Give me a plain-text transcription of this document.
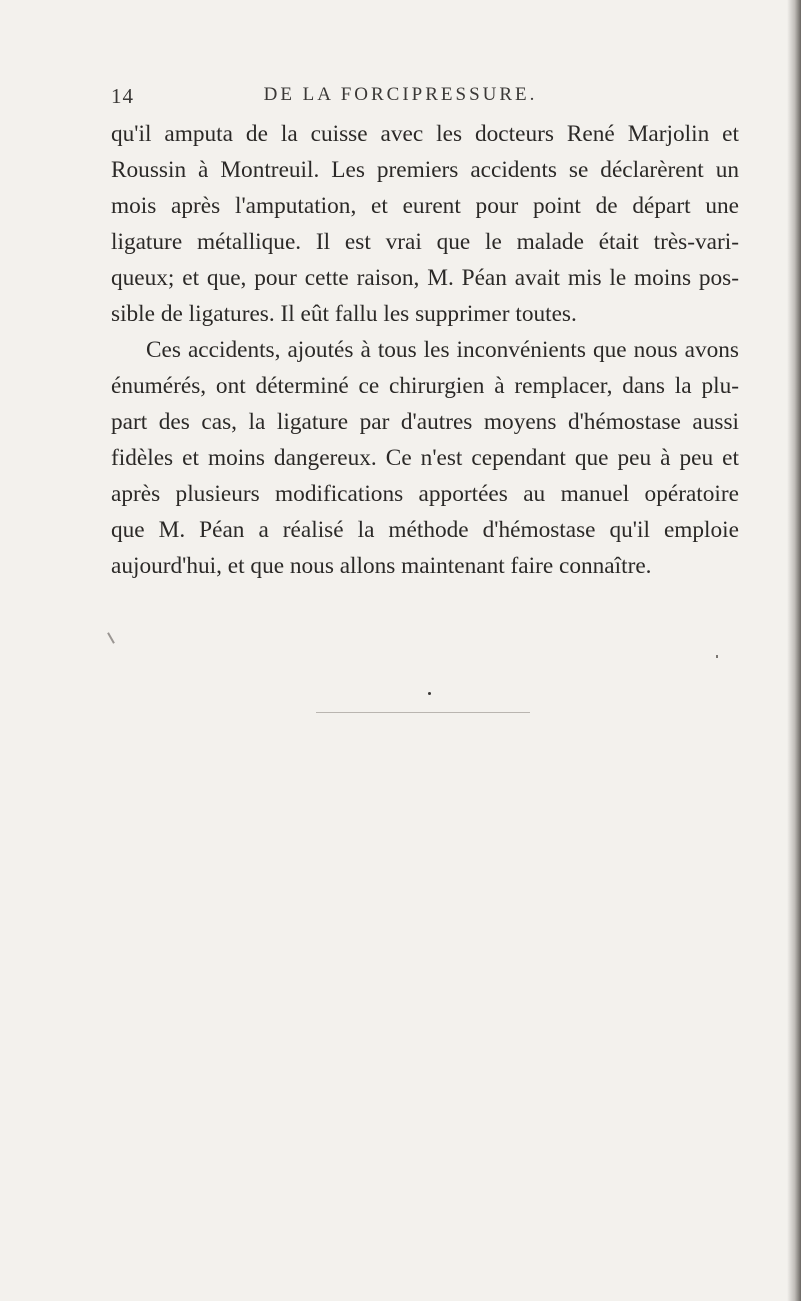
14	DE LA FORCIPRESSURE.
qu'il amputa de la cuisse avec les docteurs René Marjolin et
Roussin à Montreuil. Les premiers accidents se déclarèrent un
mois après l'amputation, et eurent pour point de départ une
ligature métallique. Il est vrai que le malade était très-vari-
queux; et que, pour cette raison, M. Péan avait mis le moins pos-
sible de ligatures. Il eût fallu les supprimer toutes.
Ces accidents, ajoutés à tous les inconvénients que nous avons
énumérés, ont déterminé ce chirurgien à remplacer, dans la plu-
part des cas, la ligature par d'autres moyens d'hémostase aussi
fidèles et moins dangereux. Ce n'est cependant que peu à peu et
après plusieurs modifications apportées au manuel opératoire
que M. Péan a réalisé la méthode d'hémostase qu'il emploie
aujourd'hui, et que nous allons maintenant faire connaître.
